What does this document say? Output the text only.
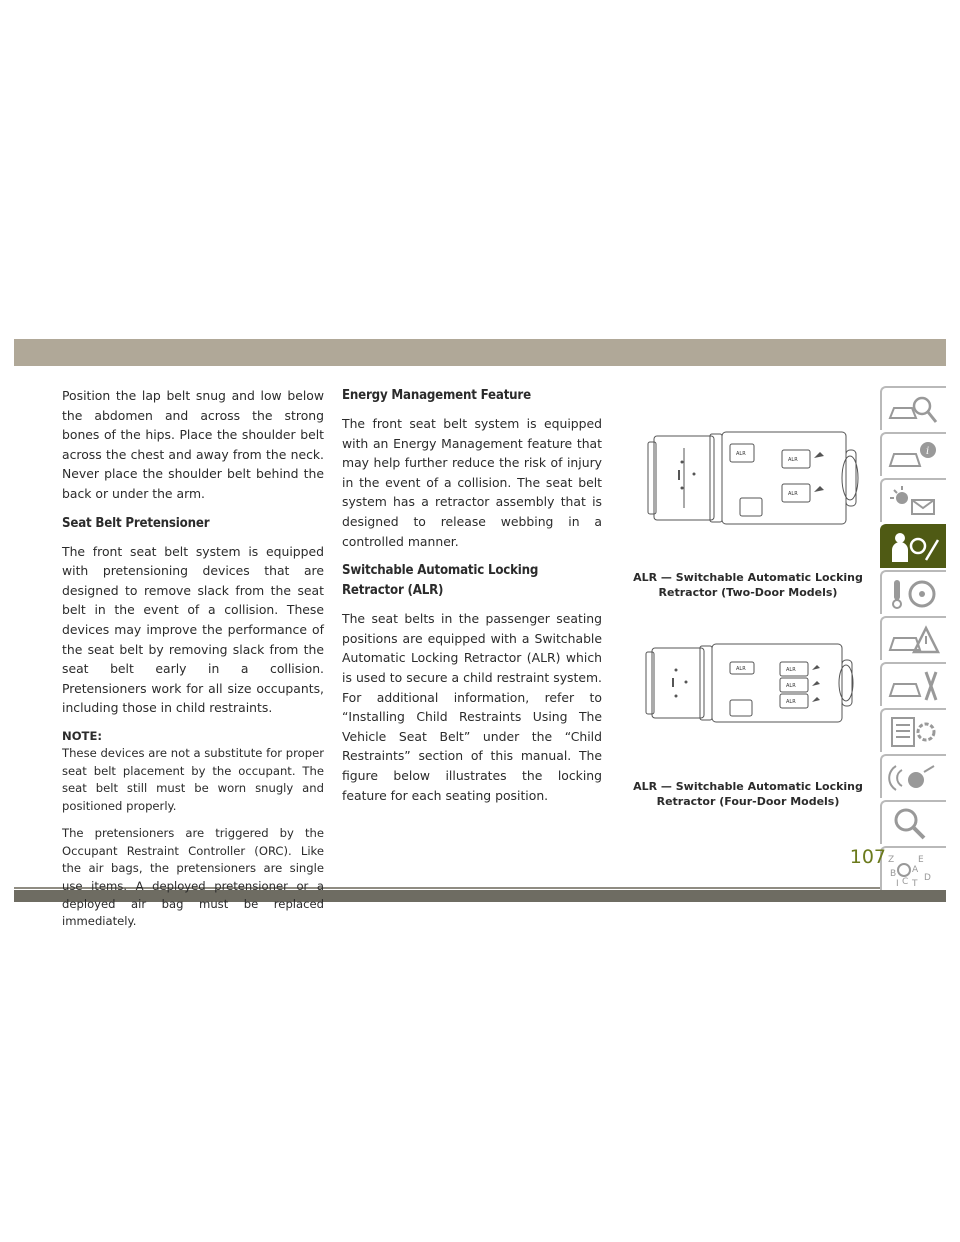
Position the lap belt snug and low below the abdomen and across the strong bones of the hips. Place the shoulder belt across the chest and away from the neck. Never place the shoulder belt behind the back or under the arm.

Seat Belt Pretensioner

The front seat belt system is equipped with pretensioning devices that are designed to remove slack from the seat belt in the event of a collision. These devices may improve the performance of the seat belt by removing slack from the seat belt early in a collision. Pretensioners work for all size occupants, including those in child restraints.

NOTE:

These devices are not a substitute for proper seat belt placement by the occupant. The seat belt still must be worn snugly and positioned properly.

The pretensioners are triggered by the Occupant Restraint Controller (ORC). Like the air bags, the pretensioners are single use items. A deployed pretensioner or a deployed air bag must be replaced immediately.

Energy Management Feature

The front seat belt system is equipped with an Energy Management feature that may help further reduce the risk of injury in the event of a collision. The seat belt system has a retractor assembly that is designed to release webbing in a controlled manner.

Switchable Automatic Locking Retractor (ALR)

The seat belts in the passenger seating positions are equipped with a Switchable Automatic Locking Retractor (ALR) which is used to secure a child restraint system. For additional information, refer to “Installing Child Restraints Using The Vehicle Seat Belt” under the “Child Restraints” section of this manual. The figure below illustrates the locking feature for each seating position.

ALR
ALR
ALR
ALR — Switchable Automatic Locking
Retractor (Two-Door Models)
ALR	ALR
ALR
ALR
ALR — Switchable Automatic Locking
Retractor (Four-Door Models)
i
Z	E
A
B
C D
I T
107
